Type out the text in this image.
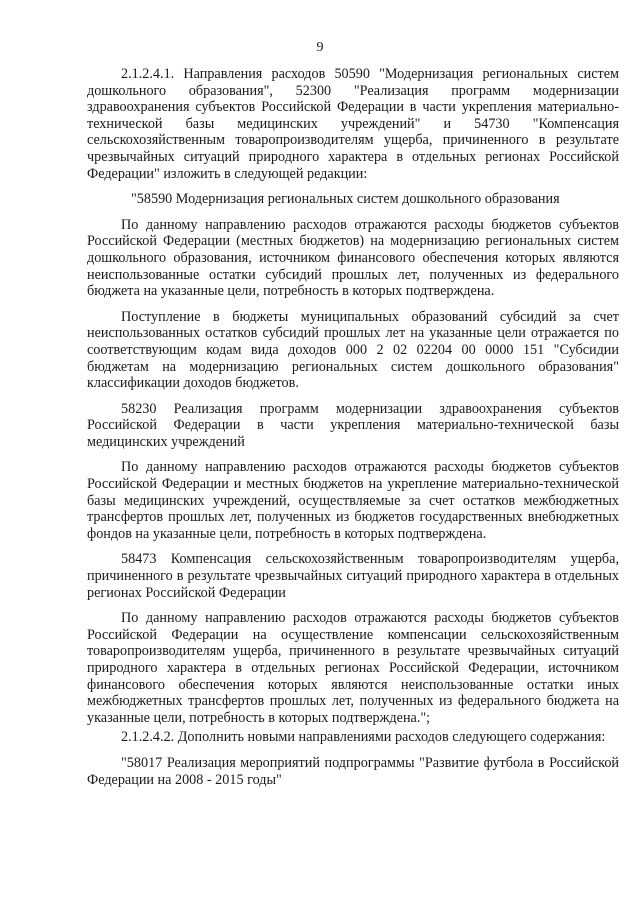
9

2.1.2.4.1. Направления расходов 50590 "Модернизация региональных систем дошкольного образования", 52300 "Реализация программ модернизации здравоохранения субъектов Российской Федерации в части укрепления материально-технической базы медицинских учреждений" и 54730 "Компенсация сельскохозяйственным товаропроизводителям ущерба, причиненного в результате чрезвычайных ситуаций природного характера в отдельных регионах Российской Федерации" изложить в следующей редакции:

"58590 Модернизация региональных систем дошкольного образования

По данному направлению расходов отражаются расходы бюджетов субъектов Российской Федерации (местных бюджетов) на модернизацию региональных систем дошкольного образования, источником финансового обеспечения которых являются неиспользованные остатки субсидий прошлых лет, полученных из федерального бюджета на указанные цели, потребность в которых подтверждена.

Поступление в бюджеты муниципальных образований субсидий за счет неиспользованных остатков субсидий прошлых лет на указанные цели отражается по соответствующим кодам вида доходов 000 2 02 02204 00 0000 151 "Субсидии бюджетам на модернизацию региональных систем дошкольного образования" классификации доходов бюджетов.

58230 Реализация программ модернизации здравоохранения субъектов Российской Федерации в части укрепления материально-технической базы медицинских учреждений

По данному направлению расходов отражаются расходы бюджетов субъектов Российской Федерации и местных бюджетов на укрепление материально-технической базы медицинских учреждений, осуществляемые за счет остатков межбюджетных трансфертов прошлых лет, полученных из бюджетов государственных внебюджетных фондов на указанные цели, потребность в которых подтверждена.

58473 Компенсация сельскохозяйственным товаропроизводителям ущерба, причиненного в результате чрезвычайных ситуаций природного характера в отдельных регионах Российской Федерации

По данному направлению расходов отражаются расходы бюджетов субъектов Российской Федерации на осуществление компенсации сельскохозяйственным товаропроизводителям ущерба, причиненного в результате чрезвычайных ситуаций природного характера в отдельных регионах Российской Федерации, источником финансового обеспечения которых являются неиспользованные остатки иных межбюджетных трансфертов прошлых лет, полученных из федерального бюджета на указанные цели, потребность в которых подтверждена.";

2.1.2.4.2. Дополнить новыми направлениями расходов следующего содержания:

"58017 Реализация мероприятий подпрограммы "Развитие футбола в Российской Федерации на 2008 - 2015 годы"
